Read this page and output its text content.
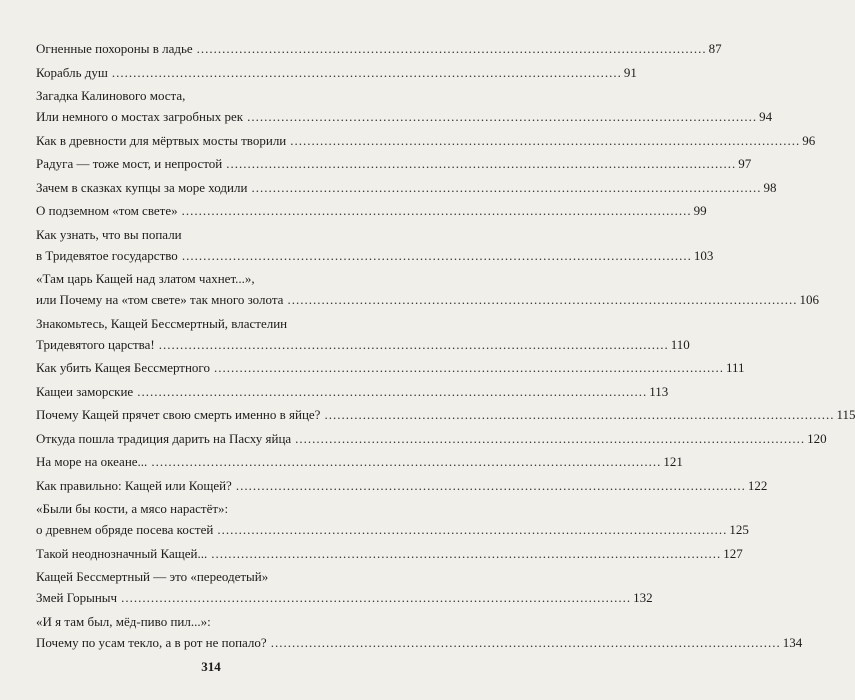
Огненные похороны в ладье ........................................................................................................................ 87
Корабль душ ........................................................................................................................ 91
Загадка Калинового моста,
Или немного о мостах загробных рек ........................................................................................................................ 94
Как в древности для мёртвых мосты творили ........................................................................................................................ 96
Радуга — тоже мост, и непростой ........................................................................................................................ 97
Зачем в сказках купцы за море ходили ........................................................................................................................ 98
О подземном «том свете» ........................................................................................................................ 99
Как узнать, что вы попали
в Тридевятое государство ........................................................................................................................ 103
«Там царь Кащей над златом чахнет...»,
или Почему на «том свете» так много золота ........................................................................................................................ 106
Знакомьтесь, Кащей Бессмертный, властелин
Тридевятого царства! ........................................................................................................................ 110
Как убить Кащея Бессмертного ........................................................................................................................ 111
Кащеи заморские ........................................................................................................................ 113
Почему Кащей прячет свою смерть именно в яйце? ........................................................................................................................ 115
Откуда пошла традиция дарить на Пасху яйца ........................................................................................................................ 120
На море на океане... ........................................................................................................................ 121
Как правильно: Кащей или Кощей? ........................................................................................................................ 122
«Были бы кости, а мясо нарастёт»:
о древнем обряде посева костей ........................................................................................................................ 125
Такой неоднозначный Кащей... ........................................................................................................................ 127
Кащей Бессмертный — это «переодетый»
Змей Горыныч ........................................................................................................................ 132
«И я там был, мёд-пиво пил...»:
Почему по усам текло, а в рот не попало? ........................................................................................................................ 134
314
